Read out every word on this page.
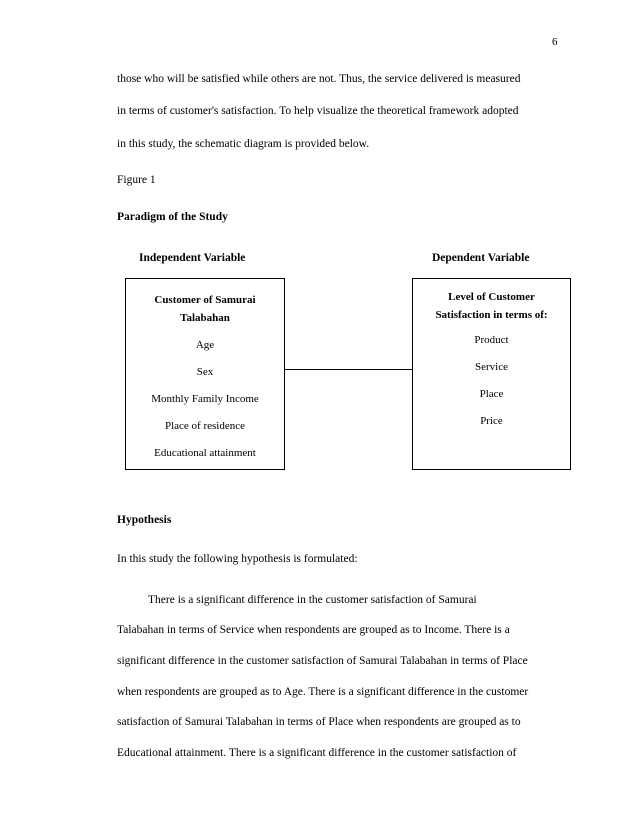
6
those who will be satisfied while others are not. Thus, the service delivered is measured
in terms of customer's satisfaction. To help visualize the theoretical framework adopted
in this study, the schematic diagram is provided below.
Figure 1
Paradigm of the Study
Independent Variable	Dependent Variable
Customer of Samurai
Talabahan
Age
Sex
Monthly Family Income
Place of residence
Educational attainment
Level of Customer
Satisfaction in terms of:
Product
Service
Place
Price
Hypothesis
In this study the following hypothesis is formulated:
There is a significant difference in the customer satisfaction of Samurai
Talabahan in terms of Service when respondents are grouped as to Income. There is a
significant difference in the customer satisfaction of Samurai Talabahan in terms of Place
when respondents are grouped as to Age. There is a significant difference in the customer
satisfaction of Samurai Talabahan in terms of Place when respondents are grouped as to
Educational attainment. There is a significant difference in the customer satisfaction of
